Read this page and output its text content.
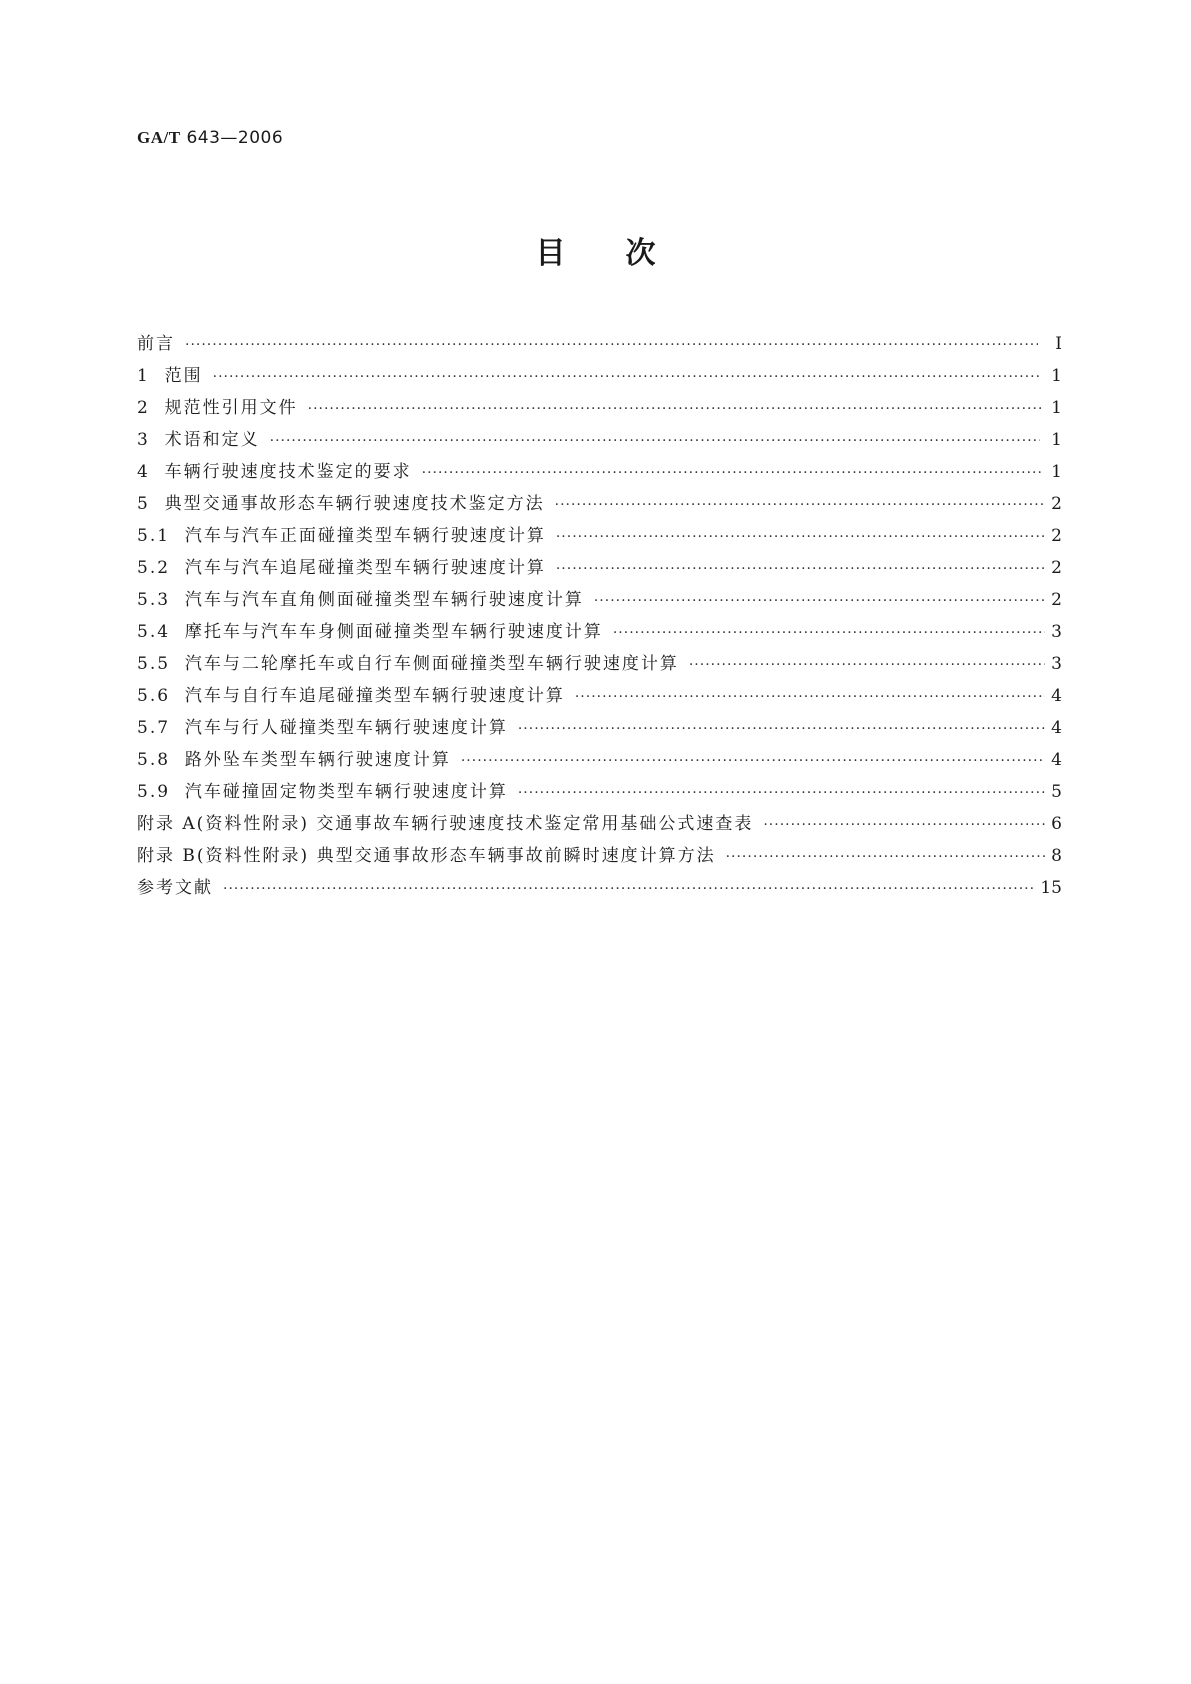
GA/T 643—2006
目次
前言 ·····	I
1 范围 ·····	1
2 规范性引用文件 ·····	1
3 术语和定义 ·····	1
4 车辆行驶速度技术鉴定的要求 ·····	1
5 典型交通事故形态车辆行驶速度技术鉴定方法 ·····	2
5.1 汽车与汽车正面碰撞类型车辆行驶速度计算 ·····	2
5.2 汽车与汽车追尾碰撞类型车辆行驶速度计算 ·····	2
5.3 汽车与汽车直角侧面碰撞类型车辆行驶速度计算 ·····	2
5.4 摩托车与汽车车身侧面碰撞类型车辆行驶速度计算 ·····	3
5.5 汽车与二轮摩托车或自行车侧面碰撞类型车辆行驶速度计算 ·····	3
5.6 汽车与自行车追尾碰撞类型车辆行驶速度计算 ·····	4
5.7 汽车与行人碰撞类型车辆行驶速度计算 ·····	4
5.8 路外坠车类型车辆行驶速度计算 ·····	4
5.9 汽车碰撞固定物类型车辆行驶速度计算 ·····	5
附录 A(资料性附录) 交通事故车辆行驶速度技术鉴定常用基础公式速查表 ·····	6
附录 B(资料性附录) 典型交通事故形态车辆事故前瞬时速度计算方法 ·····	8
参考文献 ·····	15
